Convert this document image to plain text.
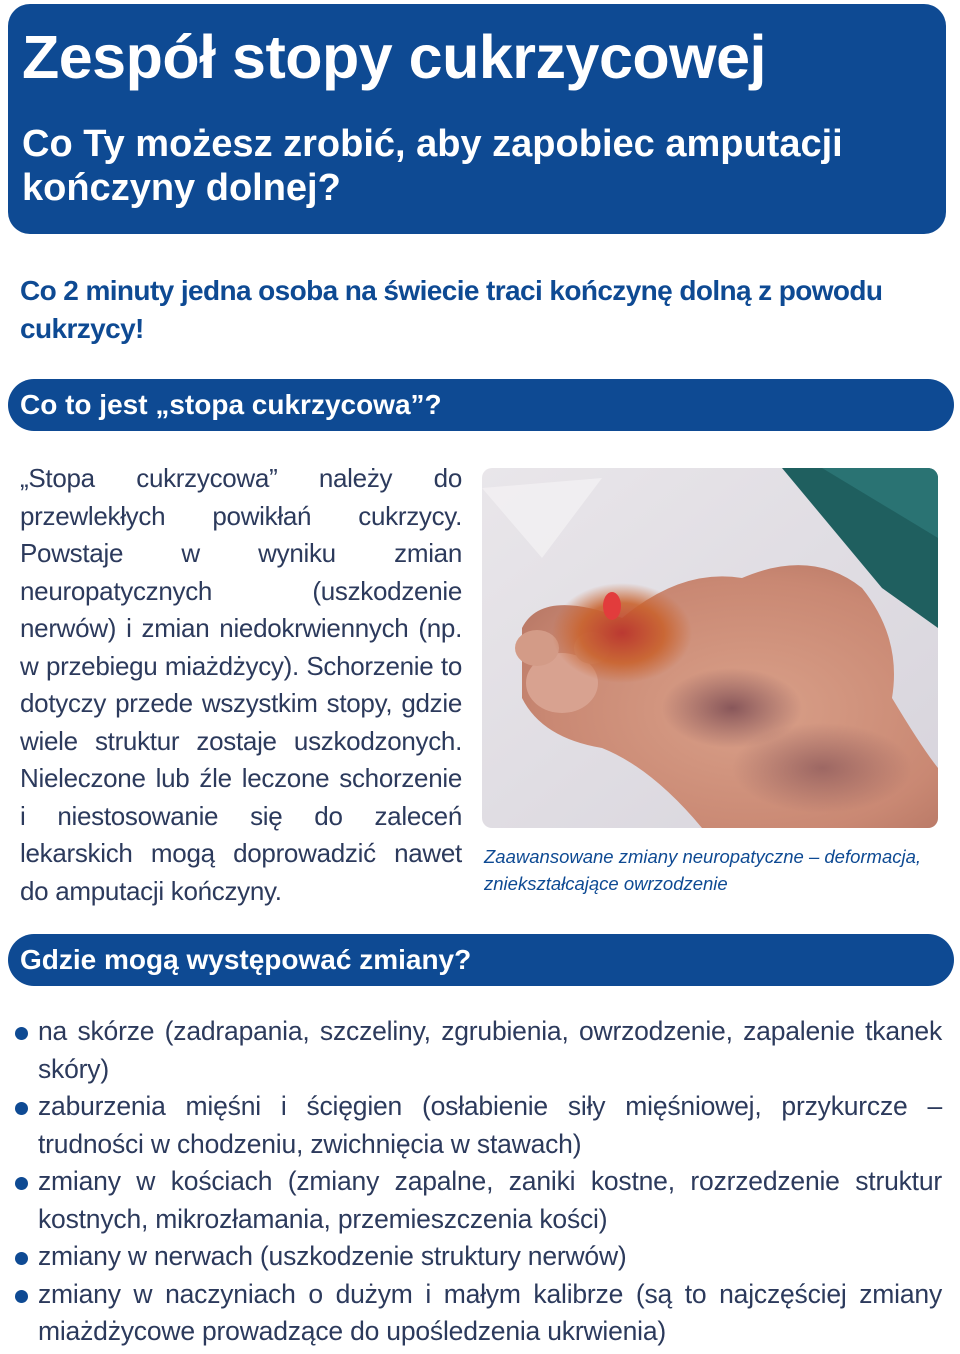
Zespół stopy cukrzycowej
Co Ty możesz zrobić, aby zapobiec amputacji kończyny dolnej?

Co 2 minuty jedna osoba na świecie traci kończynę dolną z powodu cukrzycy!

Co to jest „stopa cukrzycowa”?

„Stopa cukrzycowa” należy do przewlekłych powikłań cukrzycy. Powstaje w wyniku zmian neuropatycznych (uszkodzenie nerwów) i zmian niedokrwiennych (np. w przebiegu miażdżycy). Schorzenie to dotyczy przede wszystkim stopy, gdzie wiele struktur zostaje uszkodzonych. Nieleczone lub źle leczone schorzenie i niestosowanie się do zaleceń lekarskich mogą doprowadzić nawet do amputacji kończyny.

Zaawansowane zmiany neuropatyczne – deformacja, zniekształcające owrzodzenie

Gdzie mogą występować zmiany?
na skórze (zadrapania, szczeliny, zgrubienia, owrzodzenie, zapalenie tkanek skóry)
zaburzenia mięśni i ścięgien (osłabienie siły mięśniowej, przykurcze – trudności w chodzeniu, zwichnięcia w stawach)
zmiany w kościach (zmiany zapalne, zaniki kostne, rozrzedzenie struktur kostnych, mikrozłamania, przemieszczenia kości)
zmiany w nerwach (uszkodzenie struktury nerwów)
zmiany w naczyniach o dużym i małym kalibrze (są to najczęściej zmiany miażdżycowe prowadzące do upośledzenia ukrwienia)
